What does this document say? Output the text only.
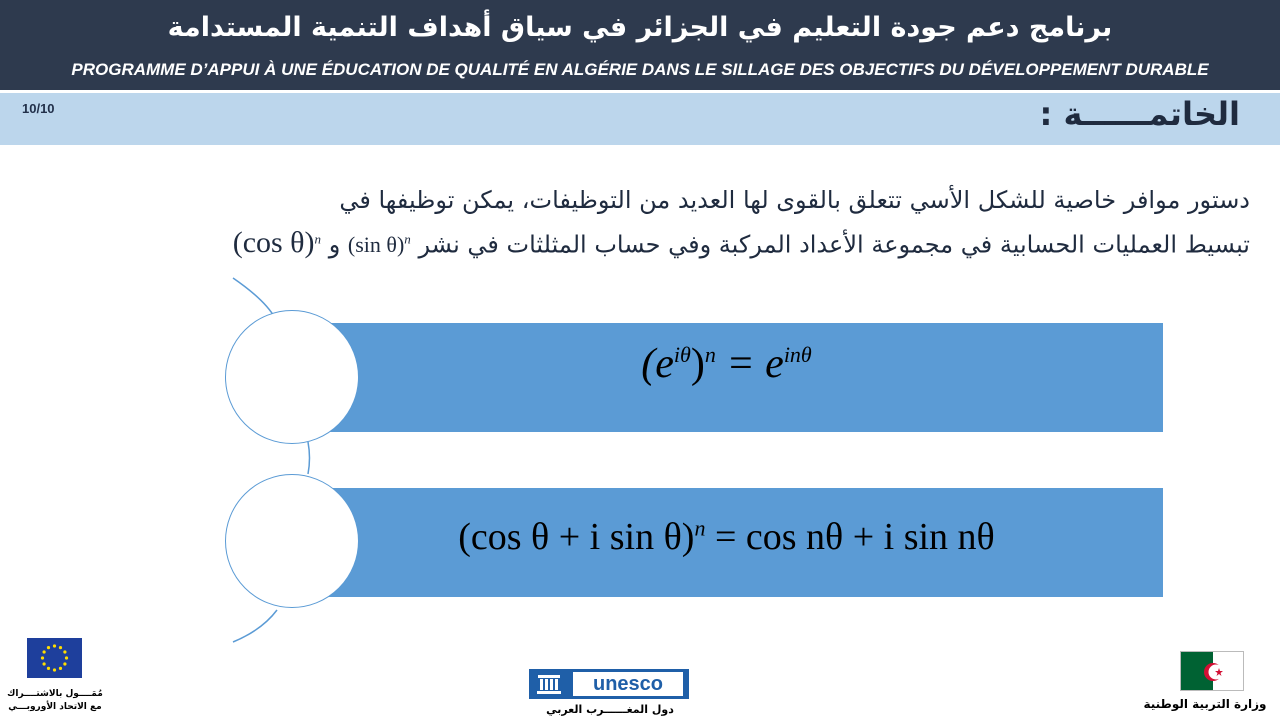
برنامج دعم جودة التعليم في الجزائر في سياق أهداف التنمية المستدامة
PROGRAMME D’APPUI À UNE ÉDUCATION DE QUALITÉ EN ALGÉRIE DANS LE SILLAGE DES OBJECTIFS DU DÉVELOPPEMENT DURABLE
10/10	الخاتمــــــة :
دستور موافر خاصية للشكل الأسي تتعلق بالقوى لها العديد من التوظيفات، يمكن توظيفها في
تبسيط العمليات الحسابية في مجموعة الأعداد المركبة وفي حساب المثلثات في نشر (sin θ)$^n$ و (cos θ)$^n$
$(e^{i\theta})^n = e^{in\theta}$
(cos θ + i sin θ)$^n$ = cos nθ + i sin nθ
مُمَــــول بالاشتــــراك مع الاتحاد الأوروبـــي
unesco
دول المغــــــرب العربي	وزارة التربية الوطنية
